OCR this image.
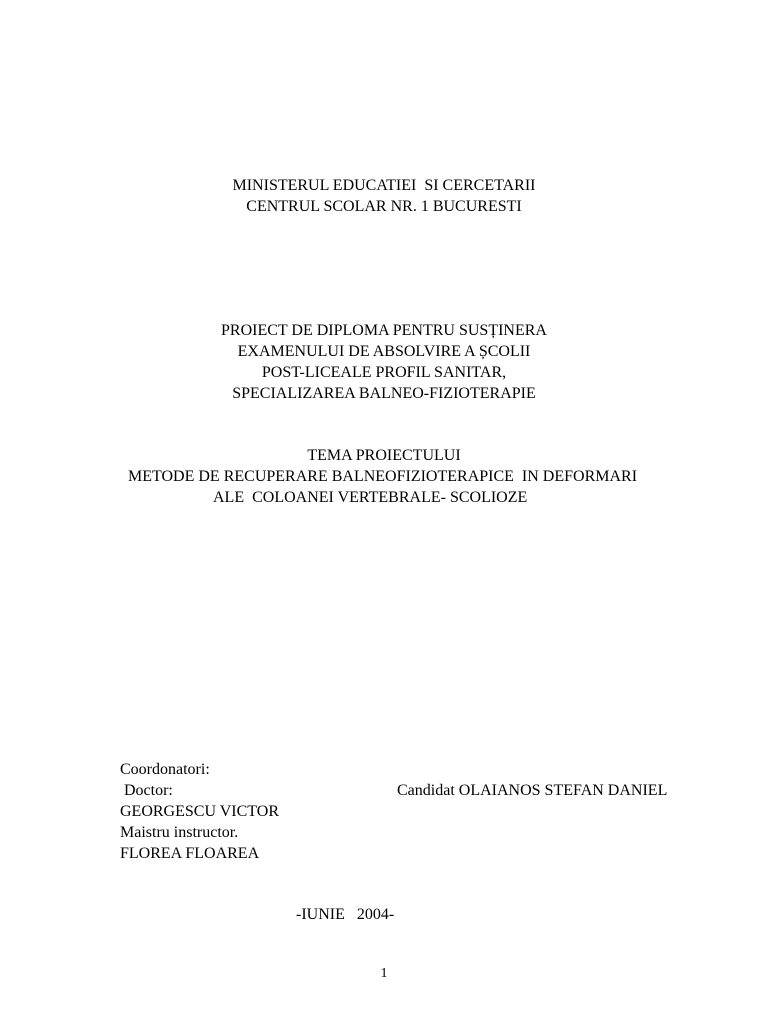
MINISTERUL EDUCATIEI  SI CERCETARII
CENTRUL SCOLAR NR. 1 BUCURESTI
PROIECT DE DIPLOMA PENTRU SUSȚINERA
EXAMENULUI DE ABSOLVIRE A ȘCOLII
POST-LICEALE PROFIL SANITAR,
SPECIALIZAREA BALNEO-FIZIOTERAPIE
TEMA PROIECTULUI
METODE DE RECUPERARE BALNEOFIZIOTERAPICE  IN DEFORMARI
ALE  COLOANEI VERTEBRALE- SCOLIOZE
Coordonatori:
Doctor:
GEORGESCU VICTOR
Maistru instructor.
FLOREA FLOAREA
Candidat OLAIANOS STEFAN DANIEL
-IUNIE   2004-
1
